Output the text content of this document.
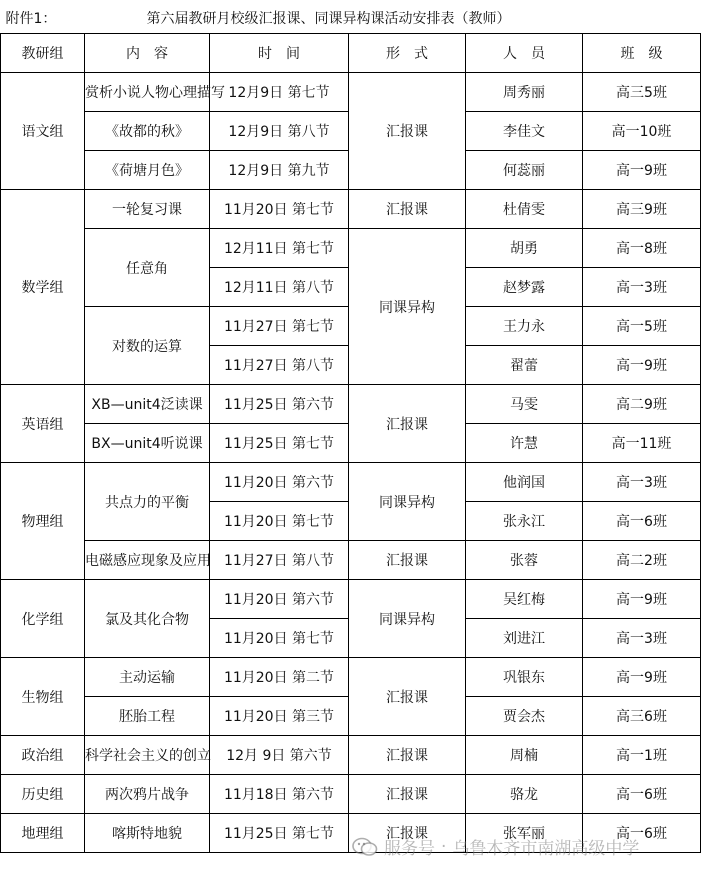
附件1： 第六届教研月校级汇报课、同课异构课活动安排表（教师）					

教研组	内　容	时　间	形　式	人　员	班　级
语文组	赏析小说人物心理描写	12月9日 第七节	汇报课	周秀丽	高三5班
	《故都的秋》	12月9日 第八节		李佳文	高一10班
	《荷塘月色》	12月9日 第九节		何蕊丽	高一9班
数学组	一轮复习课	11月20日 第七节	汇报课	杜倩雯	高三9班
	任意角	12月11日 第七节	同课异构	胡勇	高一8班
		12月11日 第八节		赵梦露	高一3班
	对数的运算	11月27日 第七节		王力永	高一5班
		11月27日 第八节		翟蕾	高一9班
英语组	XB—unit4泛读课	11月25日 第六节	汇报课	马雯	高二9班
	BX—unit4听说课	11月25日 第七节		许慧	高一11班
物理组	共点力的平衡	11月20日 第六节	同课异构	他润国	高一3班
		11月20日 第七节		张永江	高一6班
	电磁感应现象及应用	11月27日 第八节	汇报课	张蓉	高二2班
化学组	氯及其化合物	11月20日 第六节	同课异构	吴红梅	高一9班
		11月20日 第七节		刘进江	高一3班
生物组	主动运输	11月20日 第二节	汇报课	巩银东	高一9班
	胚胎工程	11月20日 第三节		贾会杰	高三6班
政治组	科学社会主义的创立	12月 9日 第六节	汇报课	周楠	高一1班
历史组	两次鸦片战争	11月18日 第六节	汇报课	骆龙	高一6班
地理组	喀斯特地貌	11月25日 第七节	汇报课	张军丽	高一6班
服务号 · 乌鲁木齐市南湖高级中学
